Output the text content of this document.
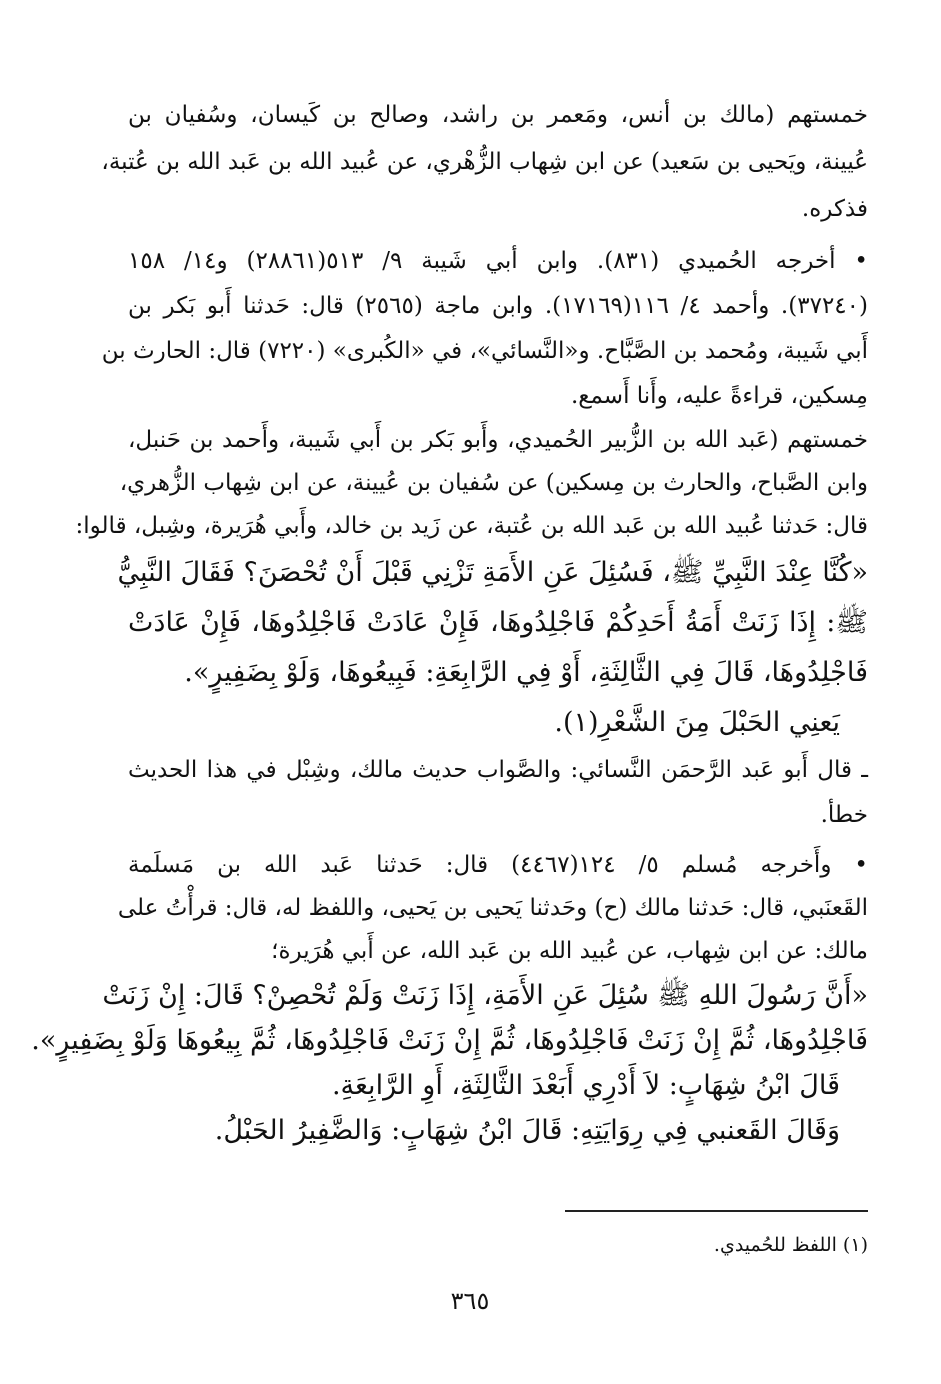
خمستهم (مالك بن أنس، ومَعمر بن راشد، وصالح بن كَيسان، وسُفيان بن
عُيينة، ويَحيى بن سَعيد) عن ابن شِهاب الزُّهْري، عن عُبيد الله بن عَبد الله بن عُتبة،
فذكره.
• أخرجه الحُميدي (٨٣١). وابن أبي شَيبة ٩/ ٥١٣(٢٨٨٦١) و١٤/ ١٥٨
(٣٧٢٤٠). وأحمد ٤/ ١١٦(١٧١٦٩). وابن ماجة (٢٥٦٥) قال: حَدثنا أَبو بَكر بن
أَبي شَيبة، ومُحمد بن الصَّبَّاح. و«النَّسائي»، في «الكُبرى» (٧٢٢٠) قال: الحارث بن
مِسكين، قراءةً عليه، وأَنا أَسمع.
خمستهم (عَبد الله بن الزُّبير الحُميدي، وأَبو بَكر بن أَبي شَيبة، وأَحمد بن حَنبل،
وابن الصَّباح، والحارث بن مِسكين) عن سُفيان بن عُيينة، عن ابن شِهاب الزُّهري،
قال: حَدثنا عُبيد الله بن عَبد الله بن عُتبة، عن زَيد بن خالد، وأَبي هُرَيرة، وشِبل، قالوا:
«كُنَّا عِنْدَ النَّبِيِّ ﷺ، فَسُئِلَ عَنِ الأَمَةِ تَزْنِي قَبْلَ أَنْ تُحْصَنَ؟ فَقَالَ النَّبِيُّ
ﷺ: إِذَا زَنَتْ أَمَةُ أَحَدِكُمْ فَاجْلِدُوهَا، فَإِنْ عَادَتْ فَاجْلِدُوهَا، فَإِنْ عَادَتْ
فَاجْلِدُوهَا، قَالَ فِي الثَّالِثَةِ، أَوْ فِي الرَّابِعَةِ: فَبِيعُوهَا، وَلَوْ بِضَفِيرٍ».
يَعنِي الحَبْلَ مِنَ الشَّعْرِ(١).
ـ قال أَبو عَبد الرَّحمَن النَّسائي: والصَّواب حديث مالك، وشِبْل في هذا الحديث
خطأ.
• وأَخرجه مُسلم ٥/ ١٢٤(٤٤٦٧) قال: حَدثنا عَبد الله بن مَسلَمة
القَعنَبي، قال: حَدثنا مالك (ح) وحَدثنا يَحيى بن يَحيى، واللفظ له، قال: قرأْتُ على
مالك: عن ابن شِهاب، عن عُبيد الله بن عَبد الله، عن أَبي هُرَيرة؛
«أَنَّ رَسُولَ اللهِ ﷺ سُئِلَ عَنِ الأَمَةِ، إِذَا زَنَتْ وَلَمْ تُحْصِنْ؟ قَالَ: إِنْ زَنَتْ
فَاجْلِدُوهَا، ثُمَّ إِنْ زَنَتْ فَاجْلِدُوهَا، ثُمَّ إِنْ زَنَتْ فَاجْلِدُوهَا، ثُمَّ بِيعُوهَا وَلَوْ بِضَفِيرٍ».
قَالَ ابْنُ شِهَابٍ: لاَ أَدْرِي أَبَعْدَ الثَّالِثَةِ، أَوِ الرَّابِعَةِ.
وَقَالَ القَعنبي فِي رِوَايَتِهِ: قَالَ ابْنُ شِهَابٍ: وَالضَّفِيرُ الحَبْلُ.
(١) اللفظ للحُميدي.
٣٦٥
